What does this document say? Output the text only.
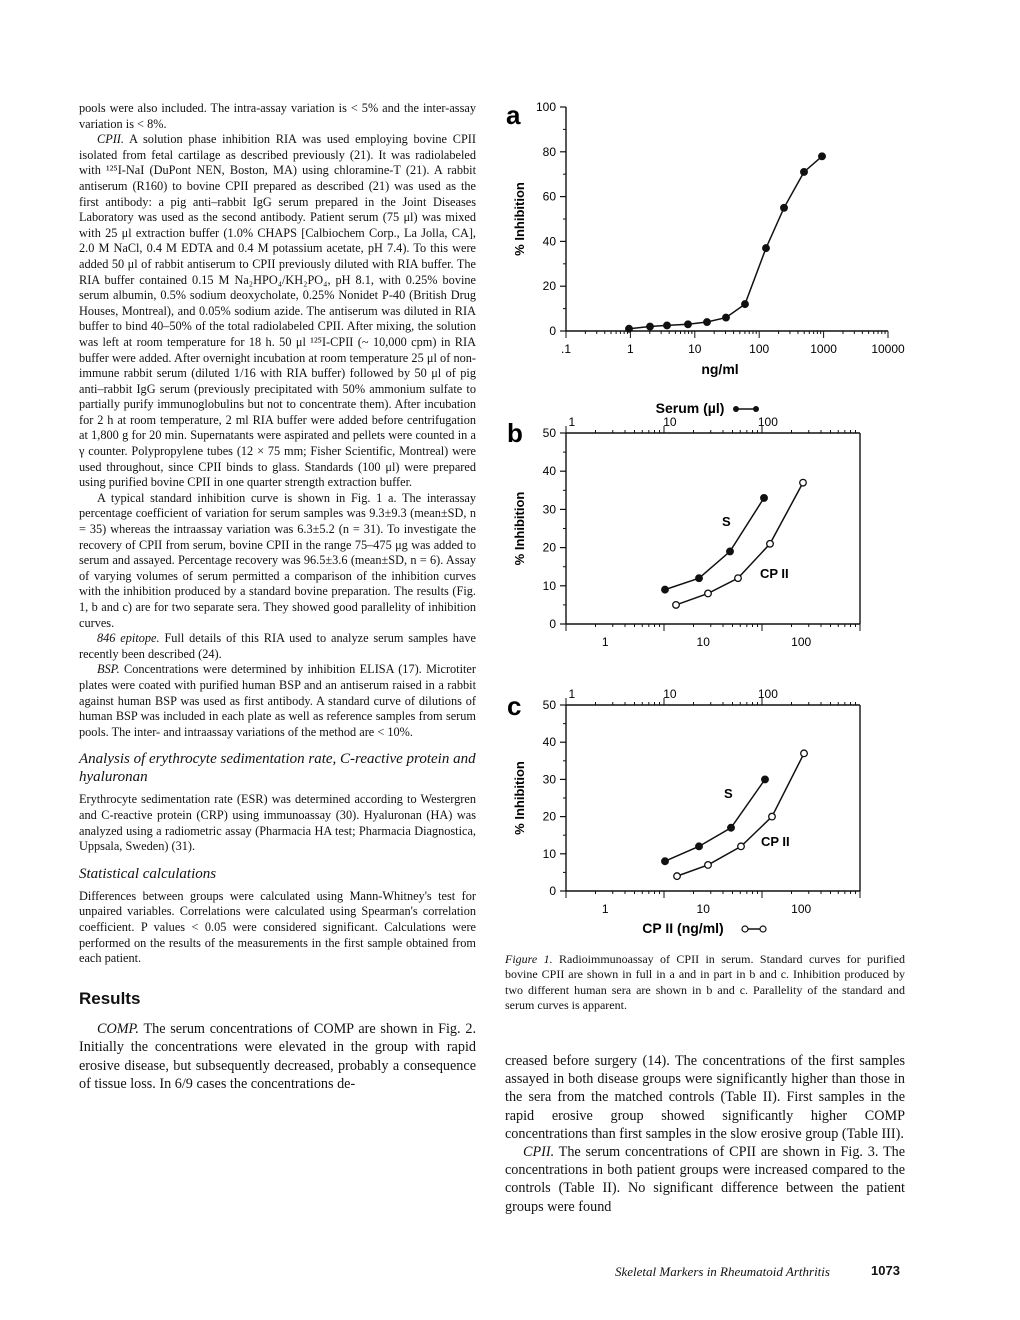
pools were also included. The intra-assay variation is < 5% and the inter-assay variation is < 8%.

CPII. A solution phase inhibition RIA was used employing bovine CPII isolated from fetal cartilage as described previously (21). It was radiolabeled with ¹²⁵I-NaI (DuPont NEN, Boston, MA) using chloramine-T (21). A rabbit antiserum (R160) to bovine CPII prepared as described (21) was used as the first antibody: a pig anti–rabbit IgG serum prepared in the Joint Diseases Laboratory was used as the second antibody. Patient serum (75 μl) was mixed with 25 μl extraction buffer (1.0% CHAPS [Calbiochem Corp., La Jolla, CA], 2.0 M NaCl, 0.4 M EDTA and 0.4 M potassium acetate, pH 7.4). To this were added 50 μl of rabbit antiserum to CPII previously diluted with RIA buffer. The RIA buffer contained 0.15 M Na₂HPO₄/KH₂PO₄, pH 8.1, with 0.25% bovine serum albumin, 0.5% sodium deoxycholate, 0.25% Nonidet P-40 (British Drug Houses, Montreal), and 0.05% sodium azide. The antiserum was diluted in RIA buffer to bind 40–50% of the total radiolabeled CPII. After mixing, the solution was left at room temperature for 18 h. 50 μl ¹²⁵I-CPII (~ 10,000 cpm) in RIA buffer were added. After overnight incubation at room temperature 25 μl of non-immune rabbit serum (diluted 1/16 with RIA buffer) followed by 50 μl of pig anti–rabbit IgG serum (previously precipitated with 50% ammonium sulfate to partially purify immunoglobulins but not to concentrate them). After incubation for 2 h at room temperature, 2 ml RIA buffer were added before centrifugation at 1,800 g for 20 min. Supernatants were aspirated and pellets were counted in a γ counter. Polypropylene tubes (12 × 75 mm; Fisher Scientific, Montreal) were used throughout, since CPII binds to glass. Standards (100 μl) were prepared using purified bovine CPII in one quarter strength extraction buffer.

A typical standard inhibition curve is shown in Fig. 1 a. The interassay percentage coefficient of variation for serum samples was 9.3±9.3 (mean±SD, n = 35) whereas the intraassay variation was 6.3±5.2 (n = 31). To investigate the recovery of CPII from serum, bovine CPII in the range 75–475 μg was added to serum and assayed. Percentage recovery was 96.5±3.6 (mean±SD, n = 6). Assay of varying volumes of serum permitted a comparison of the inhibition curves with the inhibition produced by a standard bovine preparation. The results (Fig. 1, b and c) are for two separate sera. They showed good parallelity of inhibition curves.

846 epitope. Full details of this RIA used to analyze serum samples have recently been described (24).

BSP. Concentrations were determined by inhibition ELISA (17). Microtiter plates were coated with purified human BSP and an antiserum raised in a rabbit against human BSP was used as first antibody. A standard curve of dilutions of human BSP was included in each plate as well as reference samples from serum pools. The inter- and intraassay variations of the method are < 10%.

Analysis of erythrocyte sedimentation rate, C-reactive protein and hyaluronan

Erythrocyte sedimentation rate (ESR) was determined according to Westergren and C-reactive protein (CRP) using immunoassay (30). Hyaluronan (HA) was analyzed using a radiometric assay (Pharmacia HA test; Pharmacia Diagnostica, Uppsala, Sweden) (31).

Statistical calculations

Differences between groups were calculated using Mann-Whitney's test for unpaired variables. Correlations were calculated using Spearman's correlation coefficient. P values < 0.05 were considered significant. Calculations were performed on the results of the measurements in the first sample obtained from each patient.

Results

COMP. The serum concentrations of COMP are shown in Fig. 2. Initially the concentrations were elevated in the group with rapid erosive disease, but subsequently decreased, probably a consequence of tissue loss. In 6/9 cases the concentrations de-

a
0
20
40
60
80
100
% Inhibition
.1	1	10	100	1000	10000
ng/ml
b
0
10
20
30
40
50
% Inhibition
1	10	100
1	10	100
S
CP II
Serum (µl)
c
0
10
20
30
40
50
% Inhibition
1	10	100
1	10	100
S
CP II
CP II (ng/ml)
Figure 1. Radioimmunoassay of CPII in serum. Standard curves for purified bovine CPII are shown in full in a and in part in b and c. Inhibition produced by two different human sera are shown in b and c. Parallelity of the standard and serum curves is apparent.

creased before surgery (14). The concentrations of the first samples assayed in both disease groups were significantly higher than those in the sera from the matched controls (Table II). First samples in the rapid erosive group showed significantly higher COMP concentrations than first samples in the slow erosive group (Table III).

CPII. The serum concentrations of CPII are shown in Fig. 3. The concentrations in both patient groups were increased compared to the controls (Table II). No significant difference between the patient groups were found

Skeletal Markers in Rheumatoid Arthritis	1073
